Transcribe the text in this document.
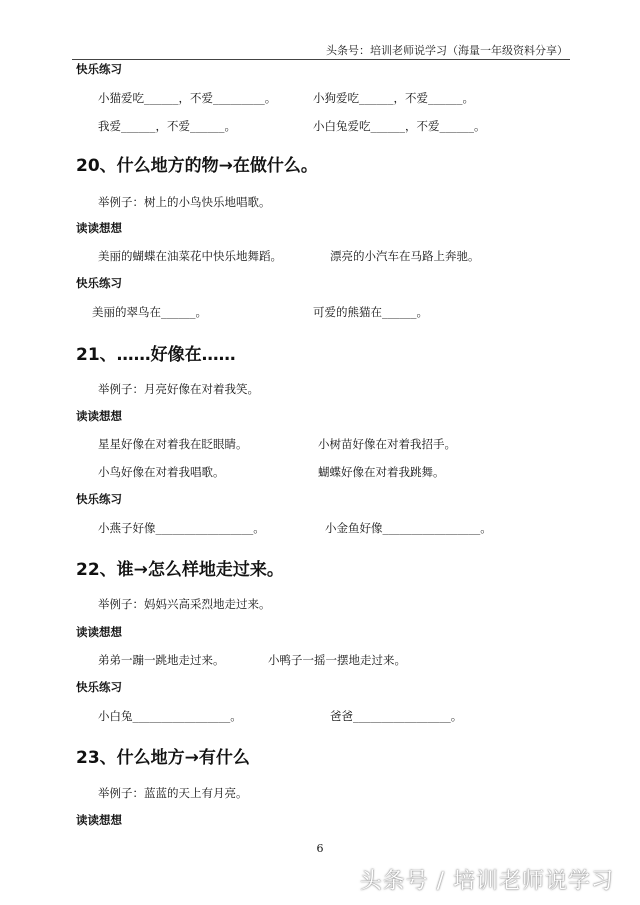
头条号：培训老师说学习（海量一年级资料分享）
快乐练习
小猫爱吃______，不爱_________。	小狗爱吃______，不爱______。
我爱______，不爱______。	小白兔爱吃______，不爱______。
20、什么地方的物→在做什么。
举例子：树上的小鸟快乐地唱歌。
读读想想
美丽的蝴蝶在油菜花中快乐地舞蹈。	漂亮的小汽车在马路上奔驰。
快乐练习
美丽的翠鸟在______。	可爱的熊猫在______。
21、……好像在……
举例子：月亮好像在对着我笑。
读读想想
星星好像在对着我在眨眼睛。	小树苗好像在对着我招手。
小鸟好像在对着我唱歌。	蝴蝶好像在对着我跳舞。
快乐练习
小燕子好像_________________。	小金鱼好像_________________。
22、谁→怎么样地走过来。
举例子：妈妈兴高采烈地走过来。
读读想想
弟弟一蹦一跳地走过来。	小鸭子一摇一摆地走过来。
快乐练习
小白兔_________________。	爸爸_________________。
23、什么地方→有什么
举例子：蓝蓝的天上有月亮。
读读想想
6
头条号 / 培训老师说学习
